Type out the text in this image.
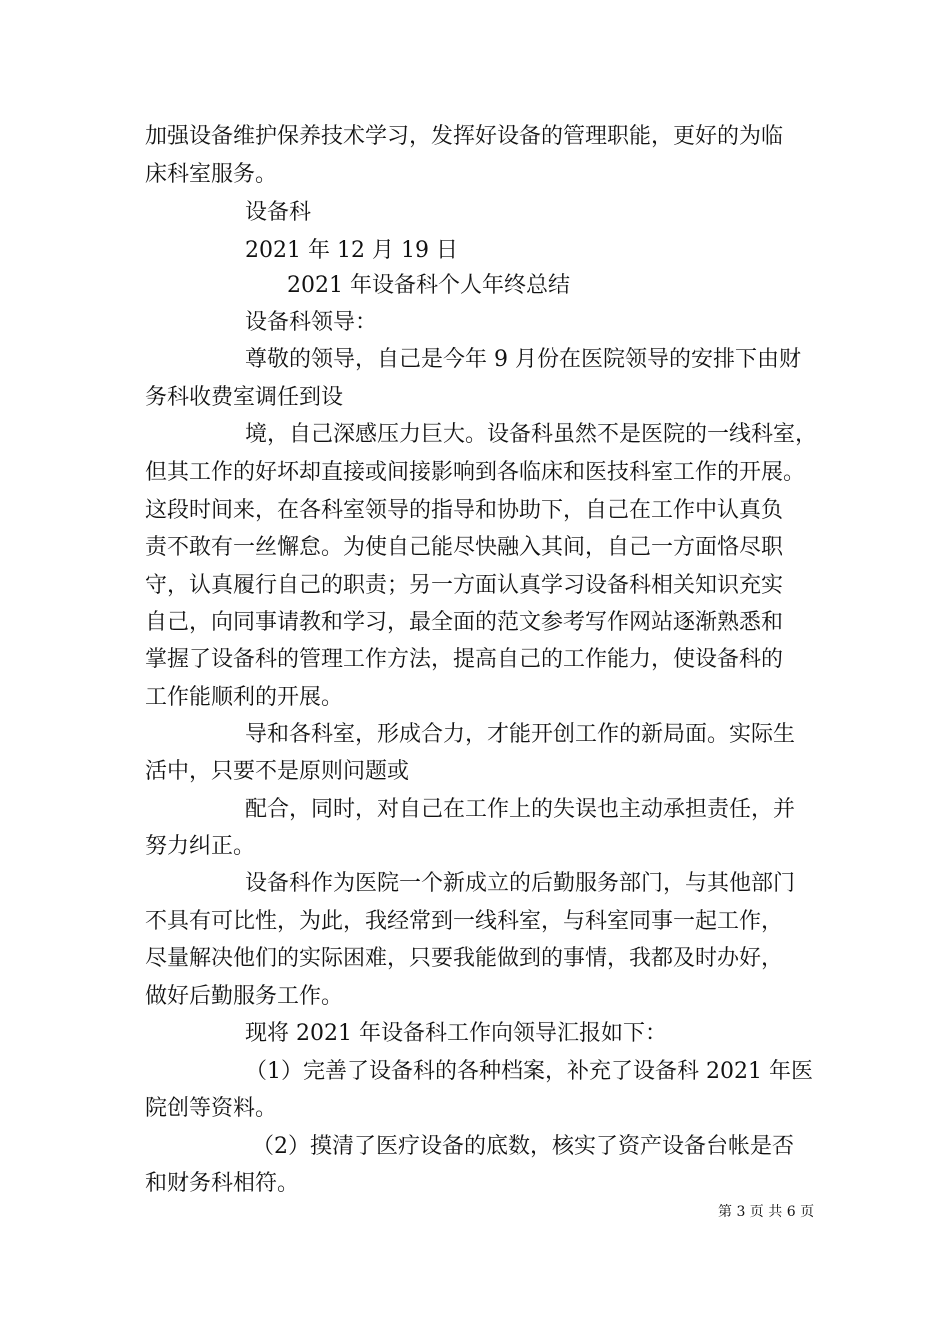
加强设备维护保养技术学习，发挥好设备的管理职能，更好的为临
床科室服务。
设备科
2021 年 12 月 19 日
2021 年设备科个人年终总结
设备科领导：
尊敬的领导，自己是今年 9 月份在医院领导的安排下由财
务科收费室调任到设
境，自己深感压力巨大。设备科虽然不是医院的一线科室，
但其工作的好坏却直接或间接影响到各临床和医技科室工作的开展。
这段时间来，在各科室领导的指导和协助下，自己在工作中认真负
责不敢有一丝懈怠。为使自己能尽快融入其间，自己一方面恪尽职
守，认真履行自己的职责；另一方面认真学习设备科相关知识充实
自己，向同事请教和学习，最全面的范文参考写作网站逐渐熟悉和
掌握了设备科的管理工作方法，提高自己的工作能力，使设备科的
工作能顺利的开展。
导和各科室，形成合力，才能开创工作的新局面。实际生
活中，只要不是原则问题或
配合，同时，对自己在工作上的失误也主动承担责任，并
努力纠正。
设备科作为医院一个新成立的后勤服务部门，与其他部门
不具有可比性，为此，我经常到一线科室，与科室同事一起工作，
尽量解决他们的实际困难，只要我能做到的事情，我都及时办好，
做好后勤服务工作。
现将 2021 年设备科工作向领导汇报如下：
（1）完善了设备科的各种档案，补充了设备科 2021 年医
院创等资料。
（2）摸清了医疗设备的底数，核实了资产设备台帐是否
和财务科相符。
第 3 页 共 6 页
